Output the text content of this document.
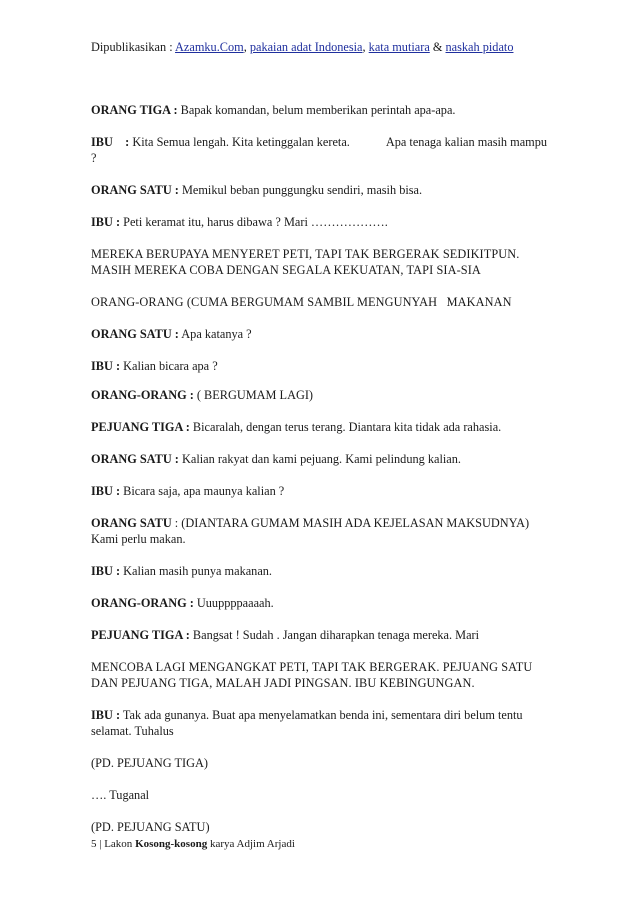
Dipublikasikan : Azamku.Com, pakaian adat Indonesia, kata mutiara & naskah pidato

ORANG TIGA : Bapak komandan, belum memberikan perintah apa-apa.

IBU    : Kita Semua lengah. Kita ketinggalan kereta.	Apa tenaga kalian masih mampu ?

ORANG SATU : Memikul beban punggungku sendiri, masih bisa.

IBU : Peti keramat itu, harus dibawa ? Mari ……………….

MEREKA BERUPAYA MENYERET PETI, TAPI TAK BERGERAK SEDIKITPUN. MASIH MEREKA COBA DENGAN SEGALA KEKUATAN, TAPI SIA-SIA

ORANG-ORANG (CUMA BERGUMAM SAMBIL MENGUNYAH   MAKANAN

ORANG SATU : Apa katanya ?

IBU : Kalian bicara apa ?

ORANG-ORANG : ( BERGUMAM LAGI)

PEJUANG TIGA : Bicaralah, dengan terus terang. Diantara kita tidak ada rahasia.

ORANG SATU : Kalian rakyat dan kami pejuang. Kami pelindung kalian.

IBU : Bicara saja, apa maunya kalian ?

ORANG SATU : (DIANTARA GUMAM MASIH ADA KEJELASAN MAKSUDNYA)
Kami perlu makan.

IBU : Kalian masih punya makanan.

ORANG-ORANG : Uuuppppaaaah.

PEJUANG TIGA : Bangsat ! Sudah . Jangan diharapkan tenaga mereka. Mari

MENCOBA LAGI MENGANGKAT PETI, TAPI TAK BERGERAK. PEJUANG SATU DAN PEJUANG TIGA, MALAH JADI PINGSAN. IBU KEBINGUNGAN.

IBU : Tak ada gunanya. Buat apa menyelamatkan benda ini, sementara diri belum tentu selamat. Tuhalus

(PD. PEJUANG TIGA)

…. Tuganal

(PD. PEJUANG SATU)

5 | Lakon Kosong-kosong karya Adjim Arjadi
